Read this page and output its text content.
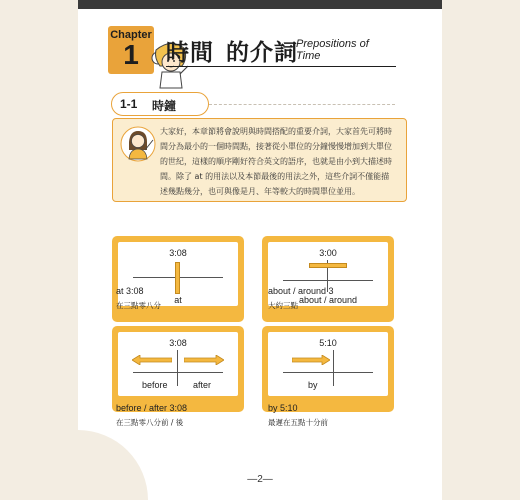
Chapter
1	時間 的介詞
Prepositions of
Time
1-1 時鐘
大家好，本章節將會說明與時間搭配的重要介詞，大家首先可將時
間分為最小的一個時間點，接著從小單位的分鐘慢慢增加到大單位
的世紀，這樣的順序剛好符合英文的語序，也就是由小到大描述時
間。除了 at 的用法以及本節最後的用法之外，這些介詞不僅能描
述幾點幾分，也可與像是月、年等較大的時間單位並用。
3:08
at
at 3:08
在三點零八分
3:00
about / around
about / around 3
大約三點
3:08
before	after
before / after 3:08
在三點零八分前 / 後
5:10
by
by 5:10
最遲在五點十分前
—2—
